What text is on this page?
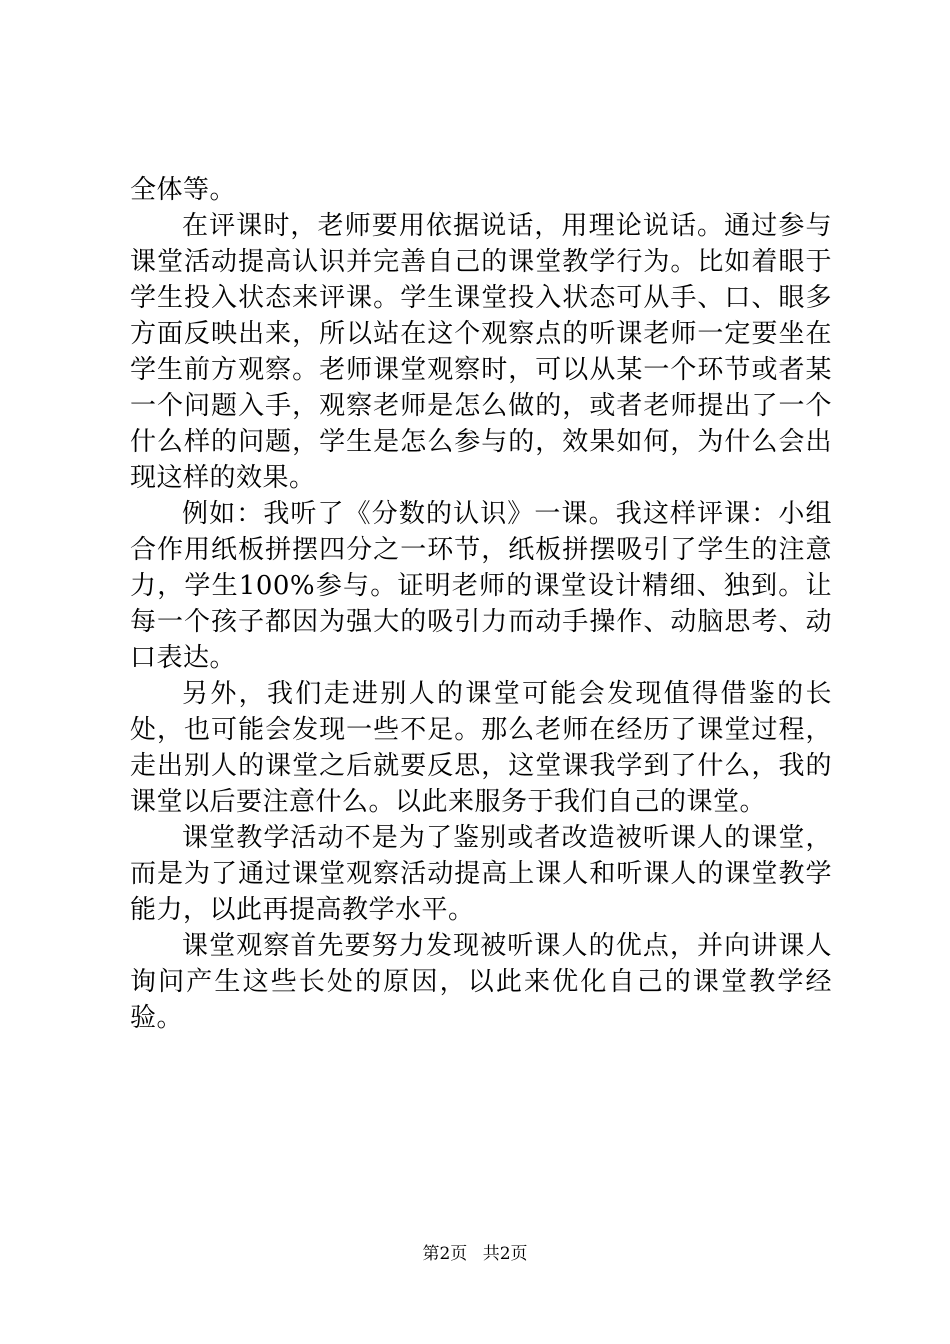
全体等。

在评课时，老师要用依据说话，用理论说话。通过参与课堂活动提高认识并完善自己的课堂教学行为。比如着眼于学生投入状态来评课。学生课堂投入状态可从手、口、眼多方面反映出来，所以站在这个观察点的听课老师一定要坐在学生前方观察。老师课堂观察时，可以从某一个环节或者某一个问题入手，观察老师是怎么做的，或者老师提出了一个什么样的问题，学生是怎么参与的，效果如何，为什么会出现这样的效果。

例如：我听了《分数的认识》一课。我这样评课：小组合作用纸板拼摆四分之一环节，纸板拼摆吸引了学生的注意力，学生100%参与。证明老师的课堂设计精细、独到。让每一个孩子都因为强大的吸引力而动手操作、动脑思考、动口表达。

另外，我们走进别人的课堂可能会发现值得借鉴的长处，也可能会发现一些不足。那么老师在经历了课堂过程，走出别人的课堂之后就要反思，这堂课我学到了什么，我的课堂以后要注意什么。以此来服务于我们自己的课堂。

课堂教学活动不是为了鉴别或者改造被听课人的课堂，而是为了通过课堂观察活动提高上课人和听课人的课堂教学能力，以此再提高教学水平。

课堂观察首先要努力发现被听课人的优点，并向讲课人询问产生这些长处的原因，以此来优化自己的课堂教学经验。

第2页 共2页
